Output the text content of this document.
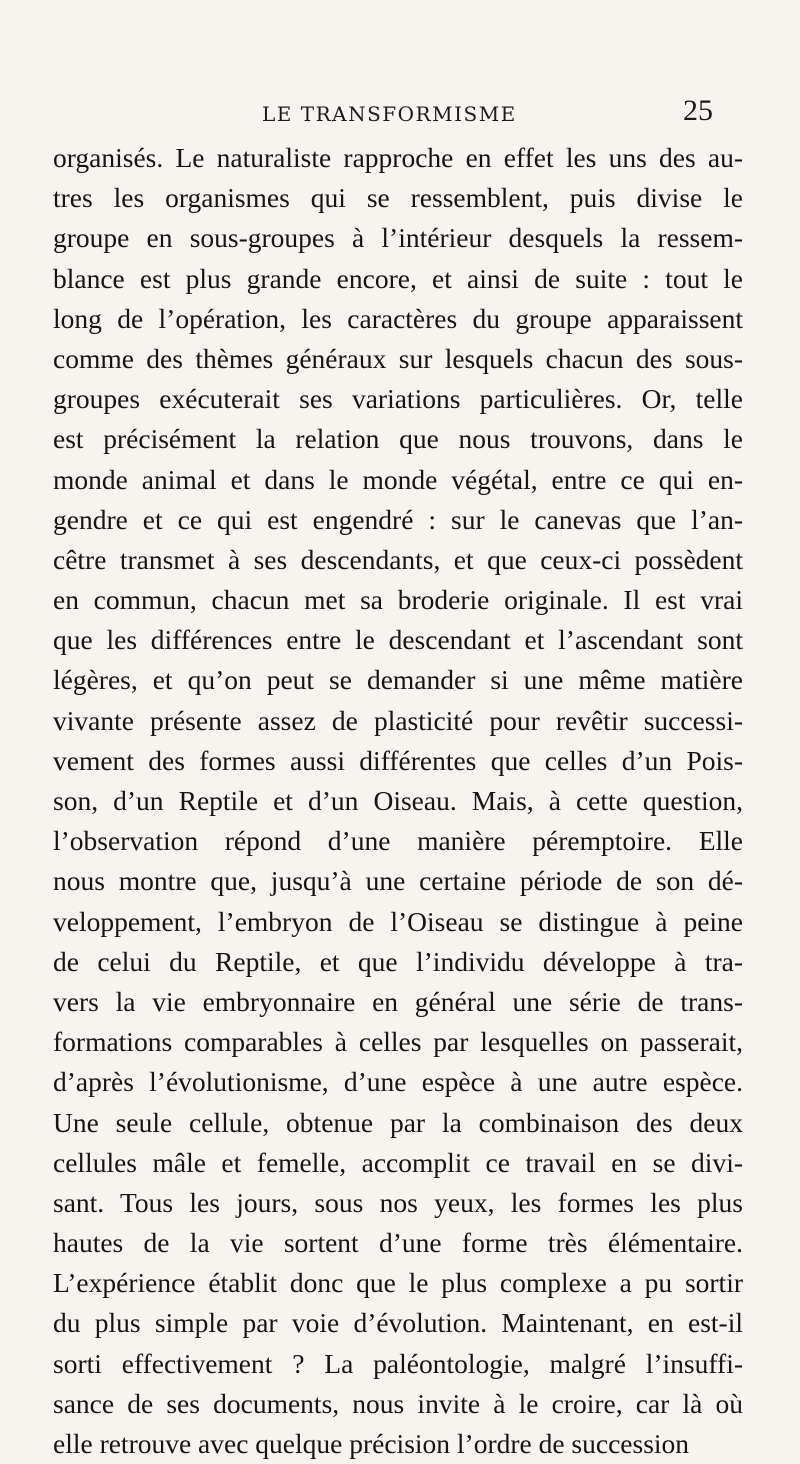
LE TRANSFORMISME	25
organisés. Le naturaliste rapproche en effet les uns des au-
tres les organismes qui se ressemblent, puis divise le
groupe en sous-groupes à l’intérieur desquels la ressem-
blance est plus grande encore, et ainsi de suite : tout le
long de l’opération, les caractères du groupe apparaissent
comme des thèmes généraux sur lesquels chacun des sous-
groupes exécuterait ses variations particulières. Or, telle
est précisément la relation que nous trouvons, dans le
monde animal et dans le monde végétal, entre ce qui en-
gendre et ce qui est engendré : sur le canevas que l’an-
cêtre transmet à ses descendants, et que ceux-ci possèdent
en commun, chacun met sa broderie originale. Il est vrai
que les différences entre le descendant et l’ascendant sont
légères, et qu’on peut se demander si une même matière
vivante présente assez de plasticité pour revêtir successi-
vement des formes aussi différentes que celles d’un Pois-
son, d’un Reptile et d’un Oiseau. Mais, à cette question,
l’observation répond d’une manière péremptoire. Elle
nous montre que, jusqu’à une certaine période de son dé-
veloppement, l’embryon de l’Oiseau se distingue à peine
de celui du Reptile, et que l’individu développe à tra-
vers la vie embryonnaire en général une série de trans-
formations comparables à celles par lesquelles on passerait,
d’après l’évolutionisme, d’une espèce à une autre espèce.
Une seule cellule, obtenue par la combinaison des deux
cellules mâle et femelle, accomplit ce travail en se divi-
sant. Tous les jours, sous nos yeux, les formes les plus
hautes de la vie sortent d’une forme très élémentaire.
L’expérience établit donc que le plus complexe a pu sortir
du plus simple par voie d’évolution. Maintenant, en est-il
sorti effectivement ? La paléontologie, malgré l’insuffi-
sance de ses documents, nous invite à le croire, car là où
elle retrouve avec quelque précision l’ordre de succession
